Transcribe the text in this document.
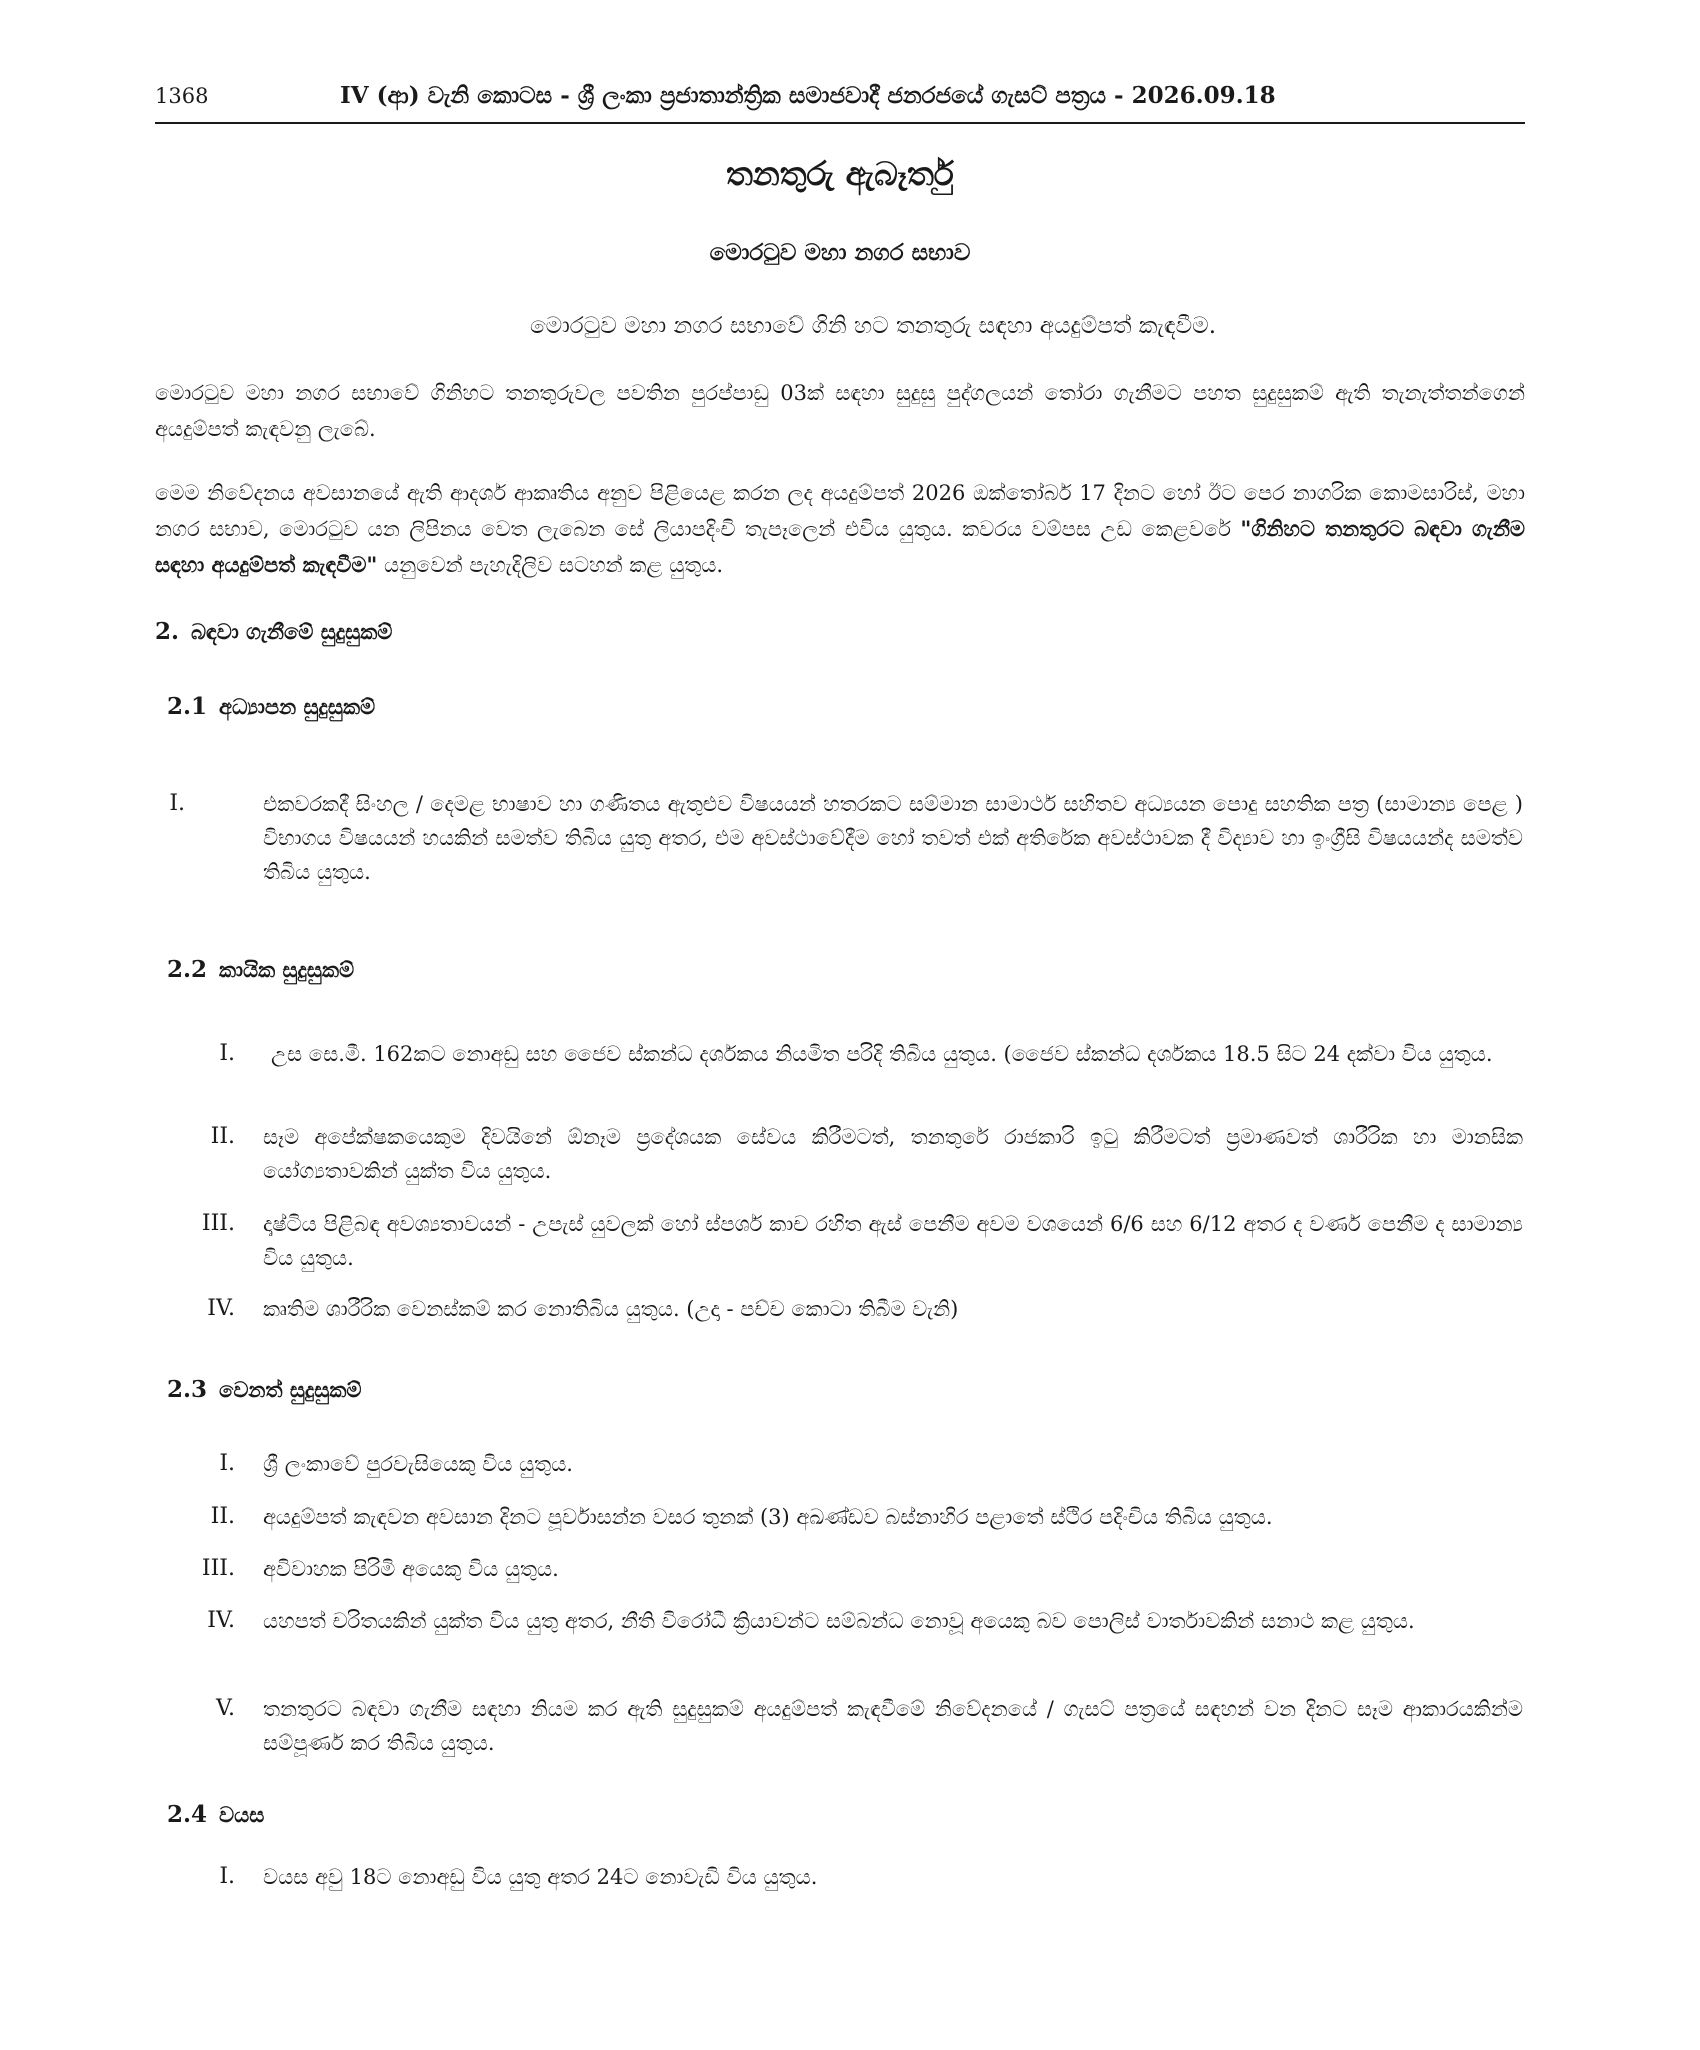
1368	IV (ආ) වැනි කොටස - ශ්‍රී ලංකා ප්‍රජාතාන්ත්‍රික සමාජවාදී ජනරජයේ ගැසට් පත්‍රය - 2026.09.18
තනතුරු ඇබෑර්තු
මොරටුව මහා නගර සභාව
මොරටුව මහා නගර සභාවේ ගිනි හට තනතුරු සඳහා අයදුම්පත් කැඳවීම.

මොරටුව මහා නගර සභාවේ ගිනිහට තනතුරුවල පවතින පුරප්පාඩු 03ක් සඳහා සුදුසු පුද්ගලයන් තෝරා ගැනීමට පහත සුදුසුකම් ඇති තැනැත්තන්ගෙන් අයදුම්පත් කැඳවනු ලැබේ.

මෙම නිවේදනය අවසානයේ ඇති ආදර්ශ ආකෘතිය අනුව පිළියෙළ කරන ලද අයදුම්පත් 2026 ඔක්තෝබර් 17 දිනට හෝ ඊට පෙර නාගරික කොමසාරිස්, මහා නගර සභාව, මොරටුව යන ලිපිනය වෙත ලැබෙන සේ ලියාපදිංචි තැපෑලෙන් එවිය යුතුය. කවරය වම්පස උඩ කෙළවරේ "ගිනිහට තනතුරට බඳවා ගැනීම සඳහා අයදුම්පත් කැඳවීම" යනුවෙන් පැහැදිලිව සටහන් කළ යුතුය.

2. බඳවා ගැනීමේ සුදුසුකම්
2.1 අධ්‍යාපන සුදුසුකම්
I.	එකවරකදී සිංහල / දෙමළ භාෂාව හා ගණිතය ඇතුළුව විෂයයන් හතරකට සම්මාන සාමාර්ථ සහිතව අධ්‍යයන පොදු සහතික පත්‍ර (සාමාන්‍ය පෙළ ) විභාගය විෂයයන් හයකින් සමත්ව තිබිය යුතු අතර, එම අවස්ථාවේදීම හෝ තවත් එක් අතිරේක අවස්ථාවක දී විද්‍යාව හා ඉංග්‍රීසි විෂයයන්ද සමත්ව තිබිය යුතුය.
2.2 කායික සුදුසුකම්
I.	උස සෙ.මී. 162කට නොඅඩු සහ ජෛව ස්කන්ධ දර්ශකය නියමිත පරිදි තිබිය යුතුය. (ජෛව ස්කන්ධ දර්ශකය 18.5 සිට 24 දක්වා විය යුතුය.
II. සෑම අපේක්ෂකයෙකුම දිවයිනේ ඕනෑම ප්‍රදේශයක සේවය කිරීමටත්, තනතුරේ රාජකාරි ඉටු කිරීමටත් ප්‍රමාණවත් ශාරීරික හා මානසික යෝග්‍යතාවකින් යුක්ත විය යුතුය.
III. දෘෂ්ටිය පිළිබඳ අවශ්‍යතාවයන් - උපැස් යුවලක් හෝ ස්පර්ශ කාච රහිත ඇස් පෙනීම අවම වශයෙන් 6/6 සහ 6/12 අතර ද වර්ණ පෙනීම ද සාමාන්‍ය විය යුතුය.
IV. කෘතිම ශාරීරික වෙනස්කම් කර නොතිබිය යුතුය. (උදා - පච්ච කොටා තිබීම වැනි)
2.3 වෙනත් සුදුසුකම්
I. ශ්‍රී ලංකාවේ පුරවැසියෙකු විය යුතුය.
II. අයදුම්පත් කැඳවන අවසාන දිනට පූර්වාසන්න වසර තුනක් (3) අඛණ්ඩව බස්නාහිර පළාතේ ස්ථිර පදිංචිය තිබිය යුතුය.
III. අවිවාහක පිරිමි අයෙකු විය යුතුය.
IV. යහපත් චරිතයකින් යුක්ත විය යුතු අතර, නීති විරෝධී ක්‍රියාවන්ට සම්බන්ධ නොවූ අයෙකු බව පොලිස් වාර්තාවකින් සනාථ කළ යුතුය.
V. තනතුරට බඳවා ගැනීම සඳහා නියම කර ඇති සුදුසුකම් අයදුම්පත් කැඳවීමේ නිවේදනයේ / ගැසට් පත්‍රයේ සඳහන් වන දිනට සෑම ආකාරයකින්ම සම්පූර්ණ කර තිබිය යුතුය.
2.4 වයස
I. වයස අවු 18ට නොඅඩු විය යුතු අතර 24ට නොවැඩි විය යුතුය.
